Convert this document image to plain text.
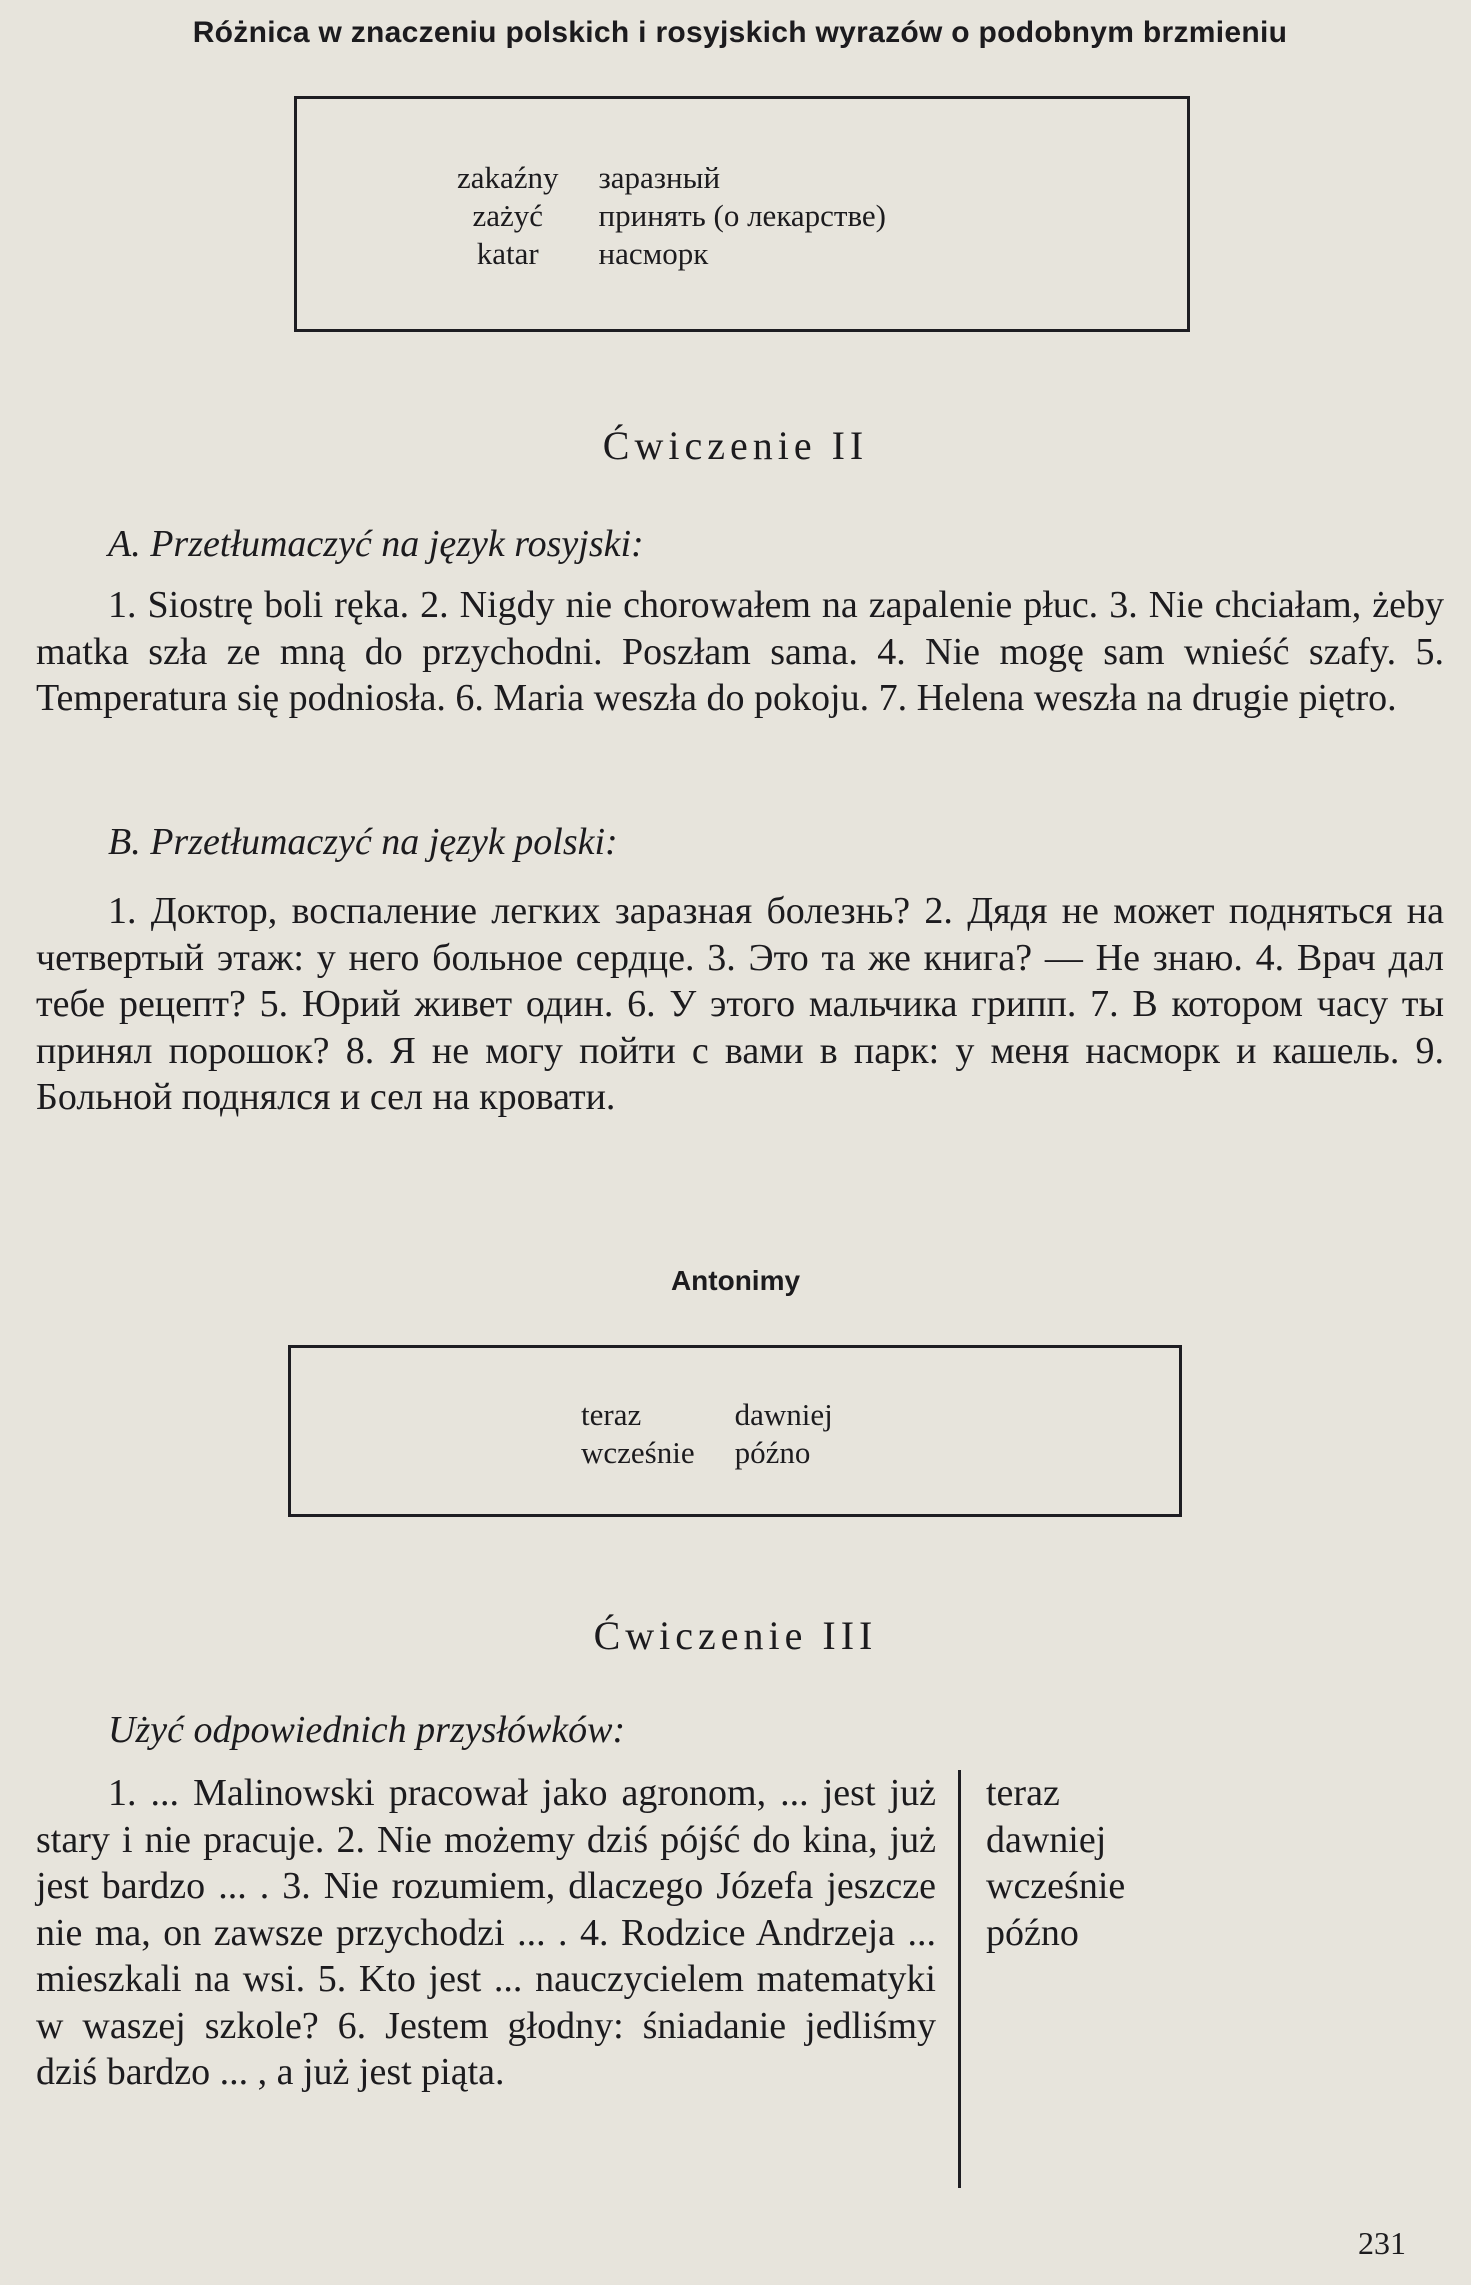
Różnica w znaczeniu polskich i rosyjskich wyrazów o podobnym brzmieniu
zakaźny заразный
zażyć	принять (о лекарстве)
katar	насморк
Ćwiczenie II
A. Przetłumaczyć na język rosyjski:
1. Siostrę boli ręka. 2. Nigdy nie chorowałem na zapalenie płuc. 3. Nie chciałam, żeby matka szła ze mną do przychodni. Poszłam sama. 4. Nie mogę sam wnieść szafy. 5. Temperatura się podniosła. 6. Maria weszła do pokoju. 7. Helena weszła na drugie piętro.
B. Przetłumaczyć na język polski:
1. Доктор, воспаление легких заразная болезнь? 2. Дядя не может подняться на четвертый этаж: у него больное сердце. 3. Это та же книга? — Не знаю. 4. Врач дал тебе рецепт? 5. Юрий живет один. 6. У этого мальчика грипп. 7. В котором часу ты принял порошок? 8. Я не могу пойти с вами в парк: у меня насморк и кашель. 9. Больной поднялся и сел на кровати.
Antonimy
teraz	dawniej
wcześnie późno
Ćwiczenie III
Użyć odpowiednich przysłówków:
1. ... Malinowski pracował jako agronom, ... jest już stary i nie pracuje. 2. Nie możemy dziś pójść do kina, już jest bardzo ... . 3. Nie rozumiem, dlaczego Józefa jeszcze nie ma, on zawsze przychodzi ... . 4. Rodzice Andrzeja ... mieszkali na wsi. 5. Kto jest ... nauczycielem matematyki w waszej szkole? 6. Jestem głodny: śniadanie jedliśmy dziś bardzo ... , a już jest piąta.
teraz
dawniej
wcześnie
późno
231
